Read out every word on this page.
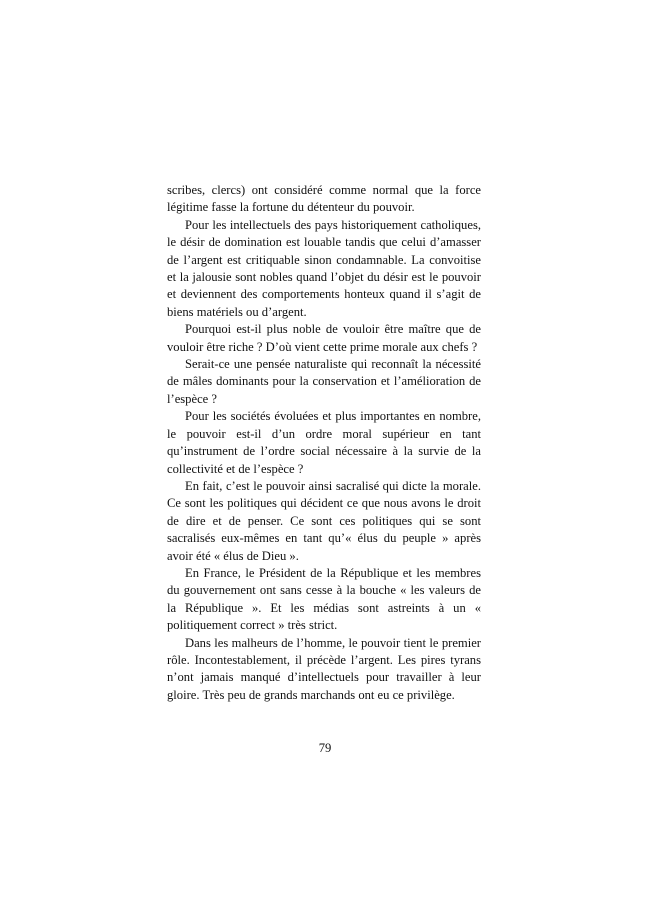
scribes, clercs) ont considéré comme normal que la force légitime fasse la fortune du détenteur du pouvoir.

Pour les intellectuels des pays historiquement catholiques, le désir de domination est louable tandis que celui d’amasser de l’argent est critiquable sinon condamnable. La convoitise et la jalousie sont nobles quand l’objet du désir est le pouvoir et deviennent des comportements honteux quand il s’agit de biens matériels ou d’argent.

Pourquoi est-il plus noble de vouloir être maître que de vouloir être riche ? D’où vient cette prime morale aux chefs ?

Serait-ce une pensée naturaliste qui reconnaît la nécessité de mâles dominants pour la conservation et l’amélioration de l’espèce ?

Pour les sociétés évoluées et plus importantes en nombre, le pouvoir est-il d’un ordre moral supérieur en tant qu’instrument de l’ordre social nécessaire à la survie de la collectivité et de l’espèce ?

En fait, c’est le pouvoir ainsi sacralisé qui dicte la morale. Ce sont les politiques qui décident ce que nous avons le droit de dire et de penser. Ce sont ces politiques qui se sont sacralisés eux-mêmes en tant qu’« élus du peuple » après avoir été « élus de Dieu ».

En France, le Président de la République et les membres du gouvernement ont sans cesse à la bouche « les valeurs de la République ». Et les médias sont astreints à un « politiquement correct » très strict.

Dans les malheurs de l’homme, le pouvoir tient le premier rôle. Incontestablement, il précède l’argent. Les pires tyrans n’ont jamais manqué d’intellectuels pour travailler à leur gloire. Très peu de grands marchands ont eu ce privilège.

79
